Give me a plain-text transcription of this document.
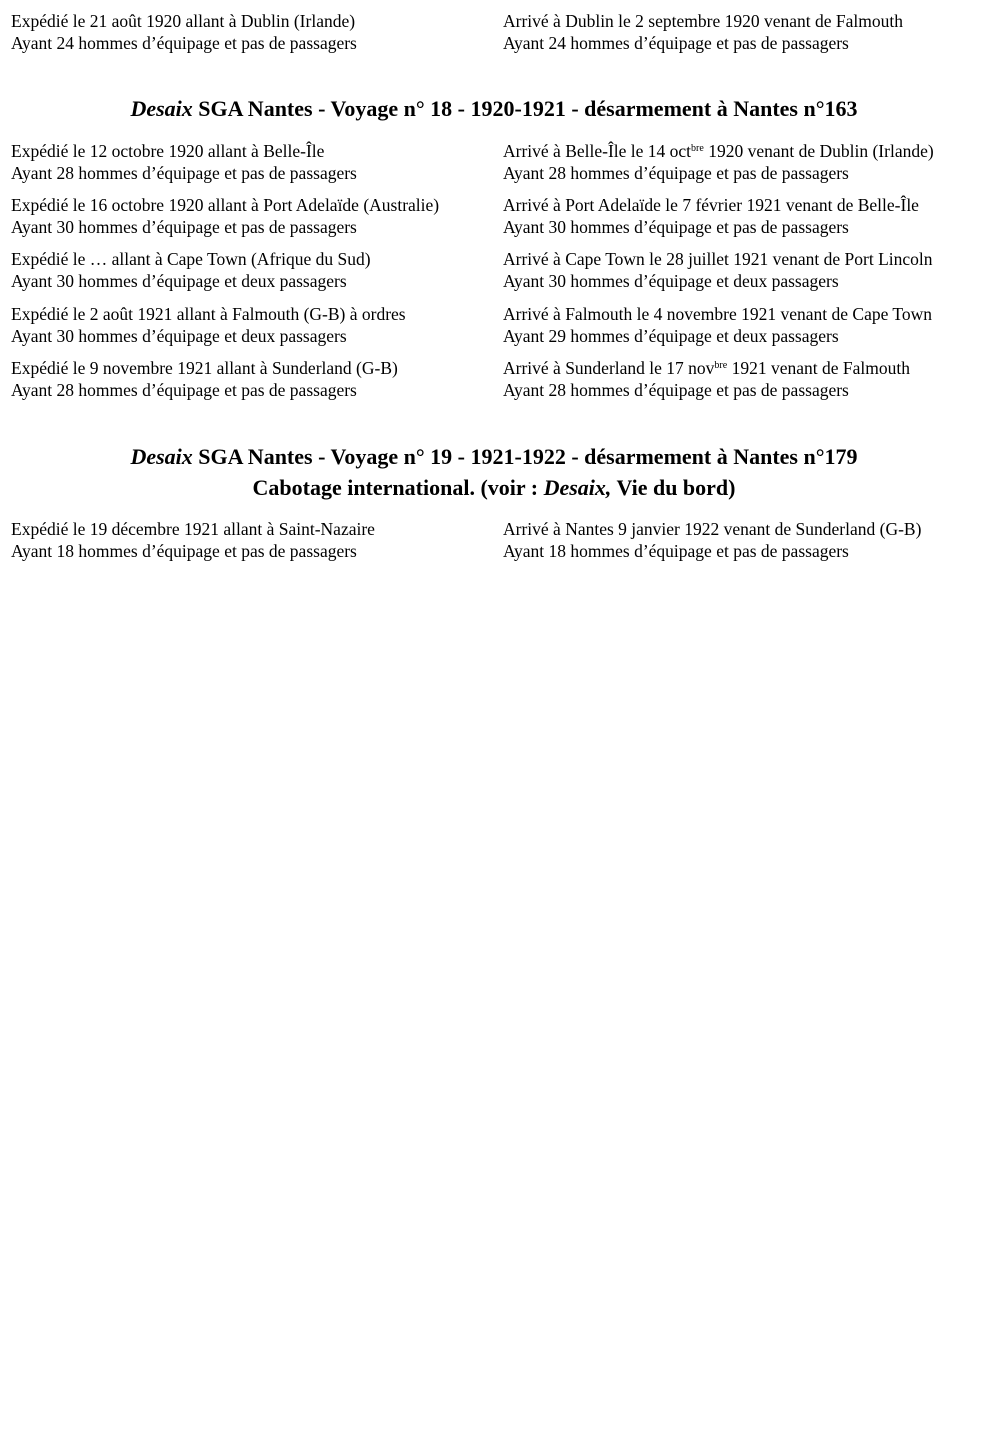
Expédié le 21 août 1920 allant à Dublin (Irlande)
Ayant 24 hommes d’équipage et pas de passagers
Arrivé à Dublin le 2 septembre 1920 venant de Falmouth
Ayant 24 hommes d’équipage et pas de passagers
Desaix SGA Nantes - Voyage n° 18 - 1920-1921 - désarmement à Nantes n°163
Expédié le 12 octobre 1920 allant à Belle-Île
Ayant 28 hommes d’équipage et pas de passagers
Arrivé à Belle-Île le 14 oct$^{bre}$ 1920 venant de Dublin (Irlande)
Ayant 28 hommes d’équipage et pas de passagers
Expédié le 16 octobre 1920 allant à Port Adelaïde (Australie)
Ayant 30 hommes d’équipage et pas de passagers
Arrivé à Port Adelaïde le 7 février 1921 venant de Belle-Île
Ayant 30 hommes d’équipage et pas de passagers
Expédié le … allant à Cape Town (Afrique du Sud)
Ayant 30 hommes d’équipage et deux passagers
Arrivé à Cape Town le 28 juillet 1921 venant de Port Lincoln
Ayant 30 hommes d’équipage et deux passagers
Expédié le 2 août 1921 allant à Falmouth (G-B) à ordres
Ayant 30 hommes d’équipage et deux passagers
Arrivé à Falmouth le 4 novembre 1921 venant de Cape Town
Ayant 29 hommes d’équipage et deux passagers
Expédié le 9 novembre 1921 allant à Sunderland (G-B)
Ayant 28 hommes d’équipage et pas de passagers
Arrivé à Sunderland le 17 nov$^{bre}$ 1921 venant de Falmouth
Ayant 28 hommes d’équipage et pas de passagers
Desaix SGA Nantes - Voyage n° 19 - 1921-1922 - désarmement à Nantes n°179
Cabotage international. (voir : Desaix, Vie du bord)
Expédié le 19 décembre 1921 allant à Saint-Nazaire
Ayant 18 hommes d’équipage et pas de passagers
Arrivé à Nantes 9 janvier 1922 venant de Sunderland (G-B)
Ayant 18 hommes d’équipage et pas de passagers
